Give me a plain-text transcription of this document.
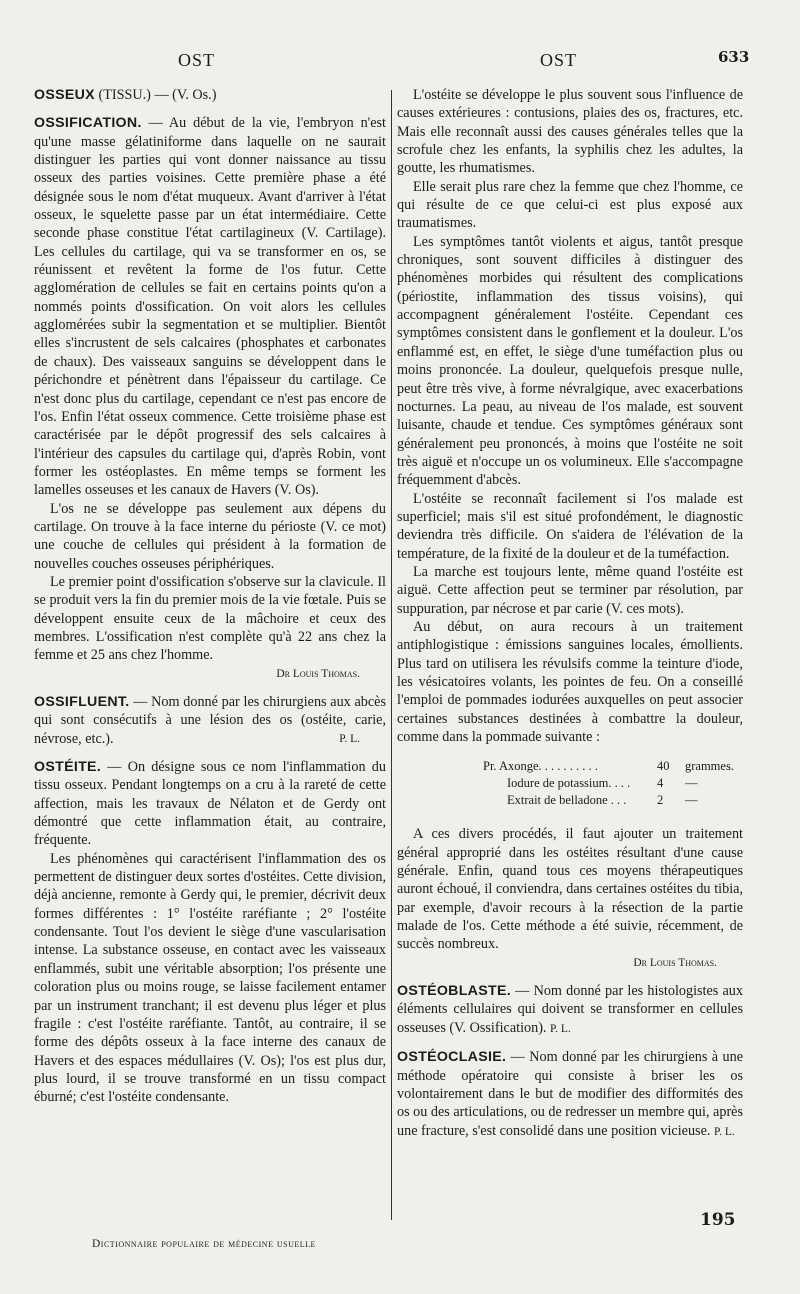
OST	OST	633

OSSEUX (TISSU.) — (V. Os.)

OSSIFICATION. — Au début de la vie, l'embryon n'est qu'une masse gélatiniforme dans laquelle on ne saurait distinguer les parties qui vont donner naissance au tissu osseux des parties voisines. Cette première phase a été désignée sous le nom d'état muqueux. Avant d'arriver à l'état osseux, le squelette passe par un état intermédiaire. Cette seconde phase constitue l'état cartilagineux (V. Cartilage). Les cellules du cartilage, qui va se transformer en os, se réunissent et revêtent la forme de l'os futur. Cette agglomération de cellules se fait en certains points qu'on a nommés points d'ossification. On voit alors les cellules agglomérées subir la segmentation et se multiplier. Bientôt elles s'incrustent de sels calcaires (phosphates et carbonates de chaux). Des vaisseaux sanguins se développent dans le périchondre et pénètrent dans l'épaisseur du cartilage. Ce n'est donc plus du cartilage, cependant ce n'est pas encore de l'os. Enfin l'état osseux commence. Cette troisième phase est caractérisée par le dépôt progressif des sels calcaires à l'intérieur des capsules du cartilage qui, d'après Robin, vont former les ostéoplastes. En même temps se forment les lamelles osseuses et les canaux de Havers (V. Os).

L'os ne se développe pas seulement aux dépens du cartilage. On trouve à la face interne du périoste (V. ce mot) une couche de cellules qui président à la formation de nouvelles couches osseuses périphériques.

Le premier point d'ossification s'observe sur la clavicule. Il se produit vers la fin du premier mois de la vie fœtale. Puis se développent ensuite ceux de la mâchoire et ceux des membres. L'ossification n'est complète qu'à 22 ans chez la femme et 25 ans chez l'homme.

Dr Louis Thomas.

OSSIFLUENT. — Nom donné par les chirurgiens aux abcès qui sont consécutifs à une lésion des os (ostéite, carie, névrose, etc.).	P. L.

OSTÉITE. — On désigne sous ce nom l'inflammation du tissu osseux. Pendant longtemps on a cru à la rareté de cette affection, mais les travaux de Nélaton et de Gerdy ont démontré que cette inflammation était, au contraire, fréquente.

Les phénomènes qui caractérisent l'inflammation des os permettent de distinguer deux sortes d'ostéites. Cette division, déjà ancienne, remonte à Gerdy qui, le premier, décrivit deux formes différentes : 1° l'ostéite raréfiante ; 2° l'ostéite condensante. Tout l'os devient le siège d'une vascularisation intense. La substance osseuse, en contact avec les vaisseaux enflammés, subit une véritable absorption; l'os présente une coloration plus ou moins rouge, se laisse facilement entamer par un instrument tranchant; il est devenu plus léger et plus fragile : c'est l'ostéite raréfiante. Tantôt, au contraire, il se forme des dépôts osseux à la face interne des canaux de Havers et des espaces médullaires (V. Os); l'os est plus dur, plus lourd, il se trouve transformé en un tissu compact éburné; c'est l'ostéite condensante.

L'ostéite se développe le plus souvent sous l'influence de causes extérieures : contusions, plaies des os, fractures, etc. Mais elle reconnaît aussi des causes générales telles que la scrofule chez les enfants, la syphilis chez les adultes, la goutte, les rhumatismes.

Elle serait plus rare chez la femme que chez l'homme, ce qui résulte de ce que celui-ci est plus exposé aux traumatismes.

Les symptômes tantôt violents et aigus, tantôt presque chroniques, sont souvent difficiles à distinguer des phénomènes morbides qui résultent des complications (périostite, inflammation des tissus voisins), qui accompagnent généralement l'ostéite. Cependant ces symptômes consistent dans le gonflement et la douleur. L'os enflammé est, en effet, le siège d'une tuméfaction plus ou moins prononcée. La douleur, quelquefois presque nulle, peut être très vive, à forme névralgique, avec exacerbations nocturnes. La peau, au niveau de l'os malade, est souvent luisante, chaude et tendue. Ces symptômes généraux sont généralement peu prononcés, à moins que l'ostéite ne soit très aiguë et n'occupe un os volumineux. Elle s'accompagne fréquemment d'abcès.

L'ostéite se reconnaît facilement si l'os malade est superficiel; mais s'il est situé profondément, le diagnostic deviendra très difficile. On s'aidera de l'élévation de la température, de la fixité de la douleur et de la tuméfaction.

La marche est toujours lente, même quand l'ostéite est aiguë. Cette affection peut se terminer par résolution, par suppuration, par nécrose et par carie (V. ces mots).

Au début, on aura recours à un traitement antiphlogistique : émissions sanguines locales, émollients. Plus tard on utilisera les révulsifs comme la teinture d'iode, les vésicatoires volants, les pointes de feu. On a conseillé l'emploi de pommades iodurées auxquelles on peut associer certaines substances destinées à combattre la douleur, comme dans la pommade suivante :

Pr. Axonge. . . . . . . . . .	40 grammes.
Iodure de potassium. . . . 4 —
Extrait de belladone . . . 2 —

A ces divers procédés, il faut ajouter un traitement général approprié dans les ostéites résultant d'une cause générale. Enfin, quand tous ces moyens thérapeutiques auront échoué, il conviendra, dans certaines ostéites du tibia, par exemple, d'avoir recours à la résection de la partie malade de l'os. Cette méthode a été suivie, récemment, de succès nombreux.

Dr Louis Thomas.

OSTÉOBLASTE. — Nom donné par les histologistes aux éléments cellulaires qui doivent se transformer en cellules osseuses (V. Ossification). P. L.

OSTÉOCLASIE. — Nom donné par les chirurgiens à une méthode opératoire qui consiste à briser les os volontairement dans le but de modifier des difformités des os ou des articulations, ou de redresser un membre qui, après une fracture, s'est consolidé dans une position vicieuse. P. L.

195
Dictionnaire populaire de médecine usuelle
